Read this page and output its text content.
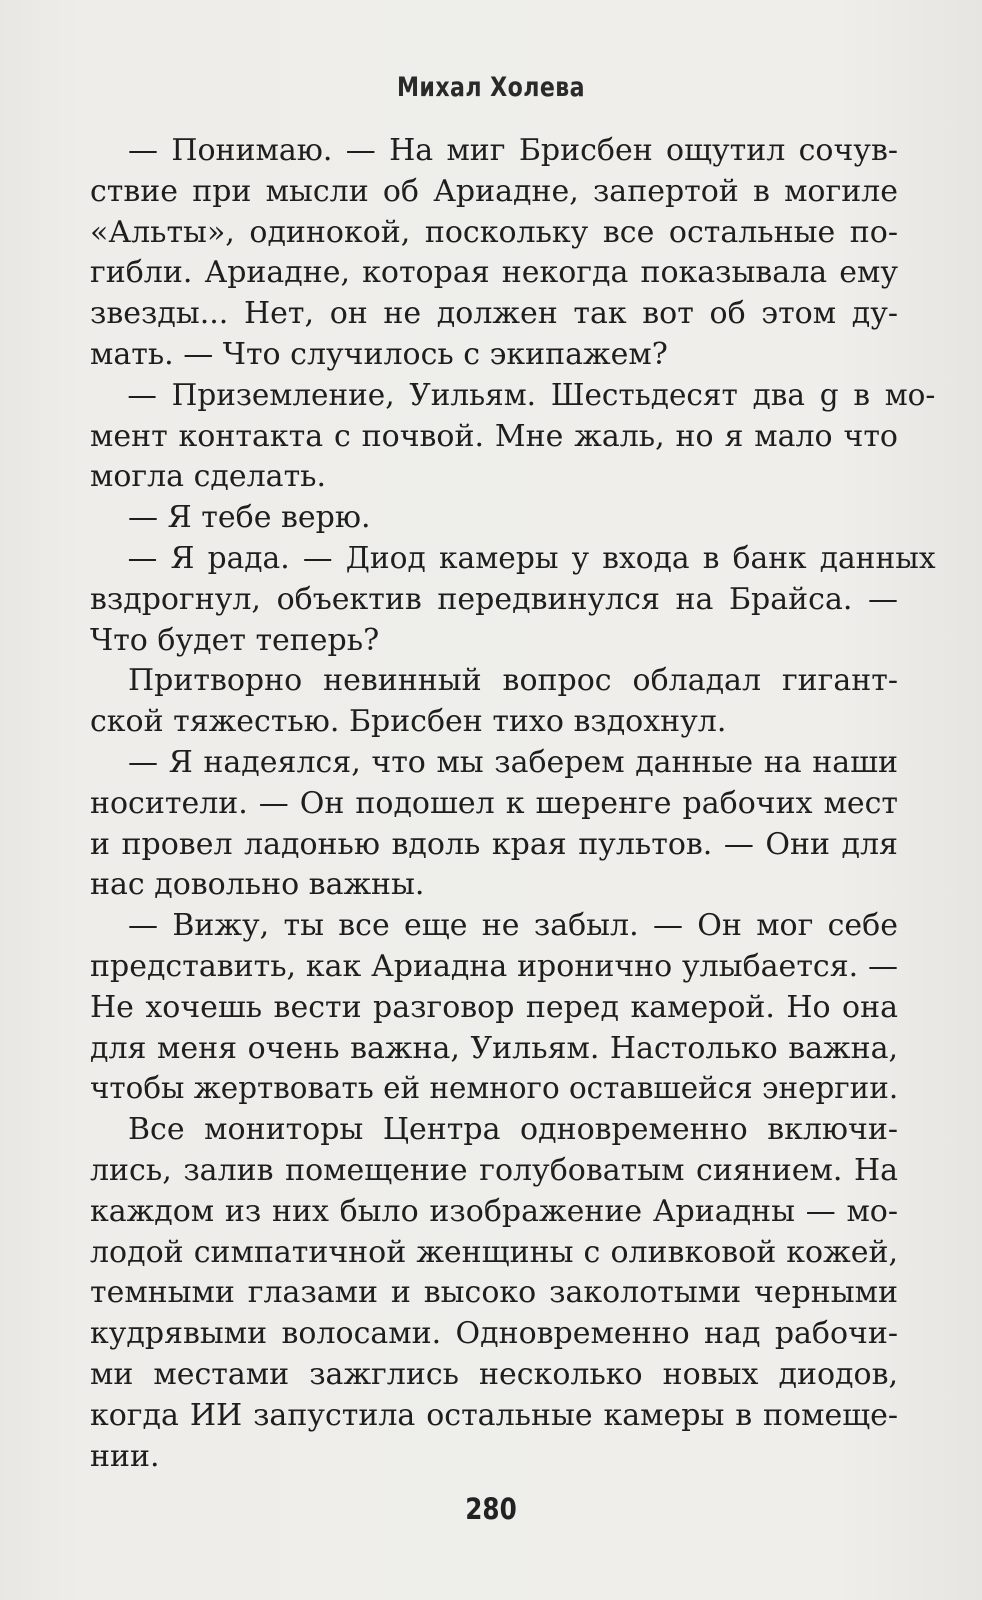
Михал Холева
— Понимаю. — На миг Брисбен ощутил сочув-
ствие при мысли об Ариадне, запертой в могиле
«Альты», одинокой, поскольку все остальные по-
гибли. Ариадне, которая некогда показывала ему
звезды... Нет, он не должен так вот об этом ду-
мать. — Что случилось с экипажем?
— Приземление, Уильям. Шестьдесят два g в мо-
мент контакта с почвой. Мне жаль, но я мало что
могла сделать.
— Я тебе верю.
— Я рада. — Диод камеры у входа в банк данных
вздрогнул, объектив передвинулся на Брайса. —
Что будет теперь?
Притворно невинный вопрос обладал гигант-
ской тяжестью. Брисбен тихо вздохнул.
— Я надеялся, что мы заберем данные на наши
носители. — Он подошел к шеренге рабочих мест
и провел ладонью вдоль края пультов. — Они для
нас довольно важны.
— Вижу, ты все еще не забыл. — Он мог себе
представить, как Ариадна иронично улыбается. —
Не хочешь вести разговор перед камерой. Но она
для меня очень важна, Уильям. Настолько важна,
чтобы жертвовать ей немного оставшейся энергии.
Все мониторы Центра одновременно включи-
лись, залив помещение голубоватым сиянием. На
каждом из них было изображение Ариадны — мо-
лодой симпатичной женщины с оливковой кожей,
темными глазами и высоко заколотыми черными
кудрявыми волосами. Одновременно над рабочи-
ми местами зажглись несколько новых диодов,
когда ИИ запустила остальные камеры в помеще-
нии.
280
